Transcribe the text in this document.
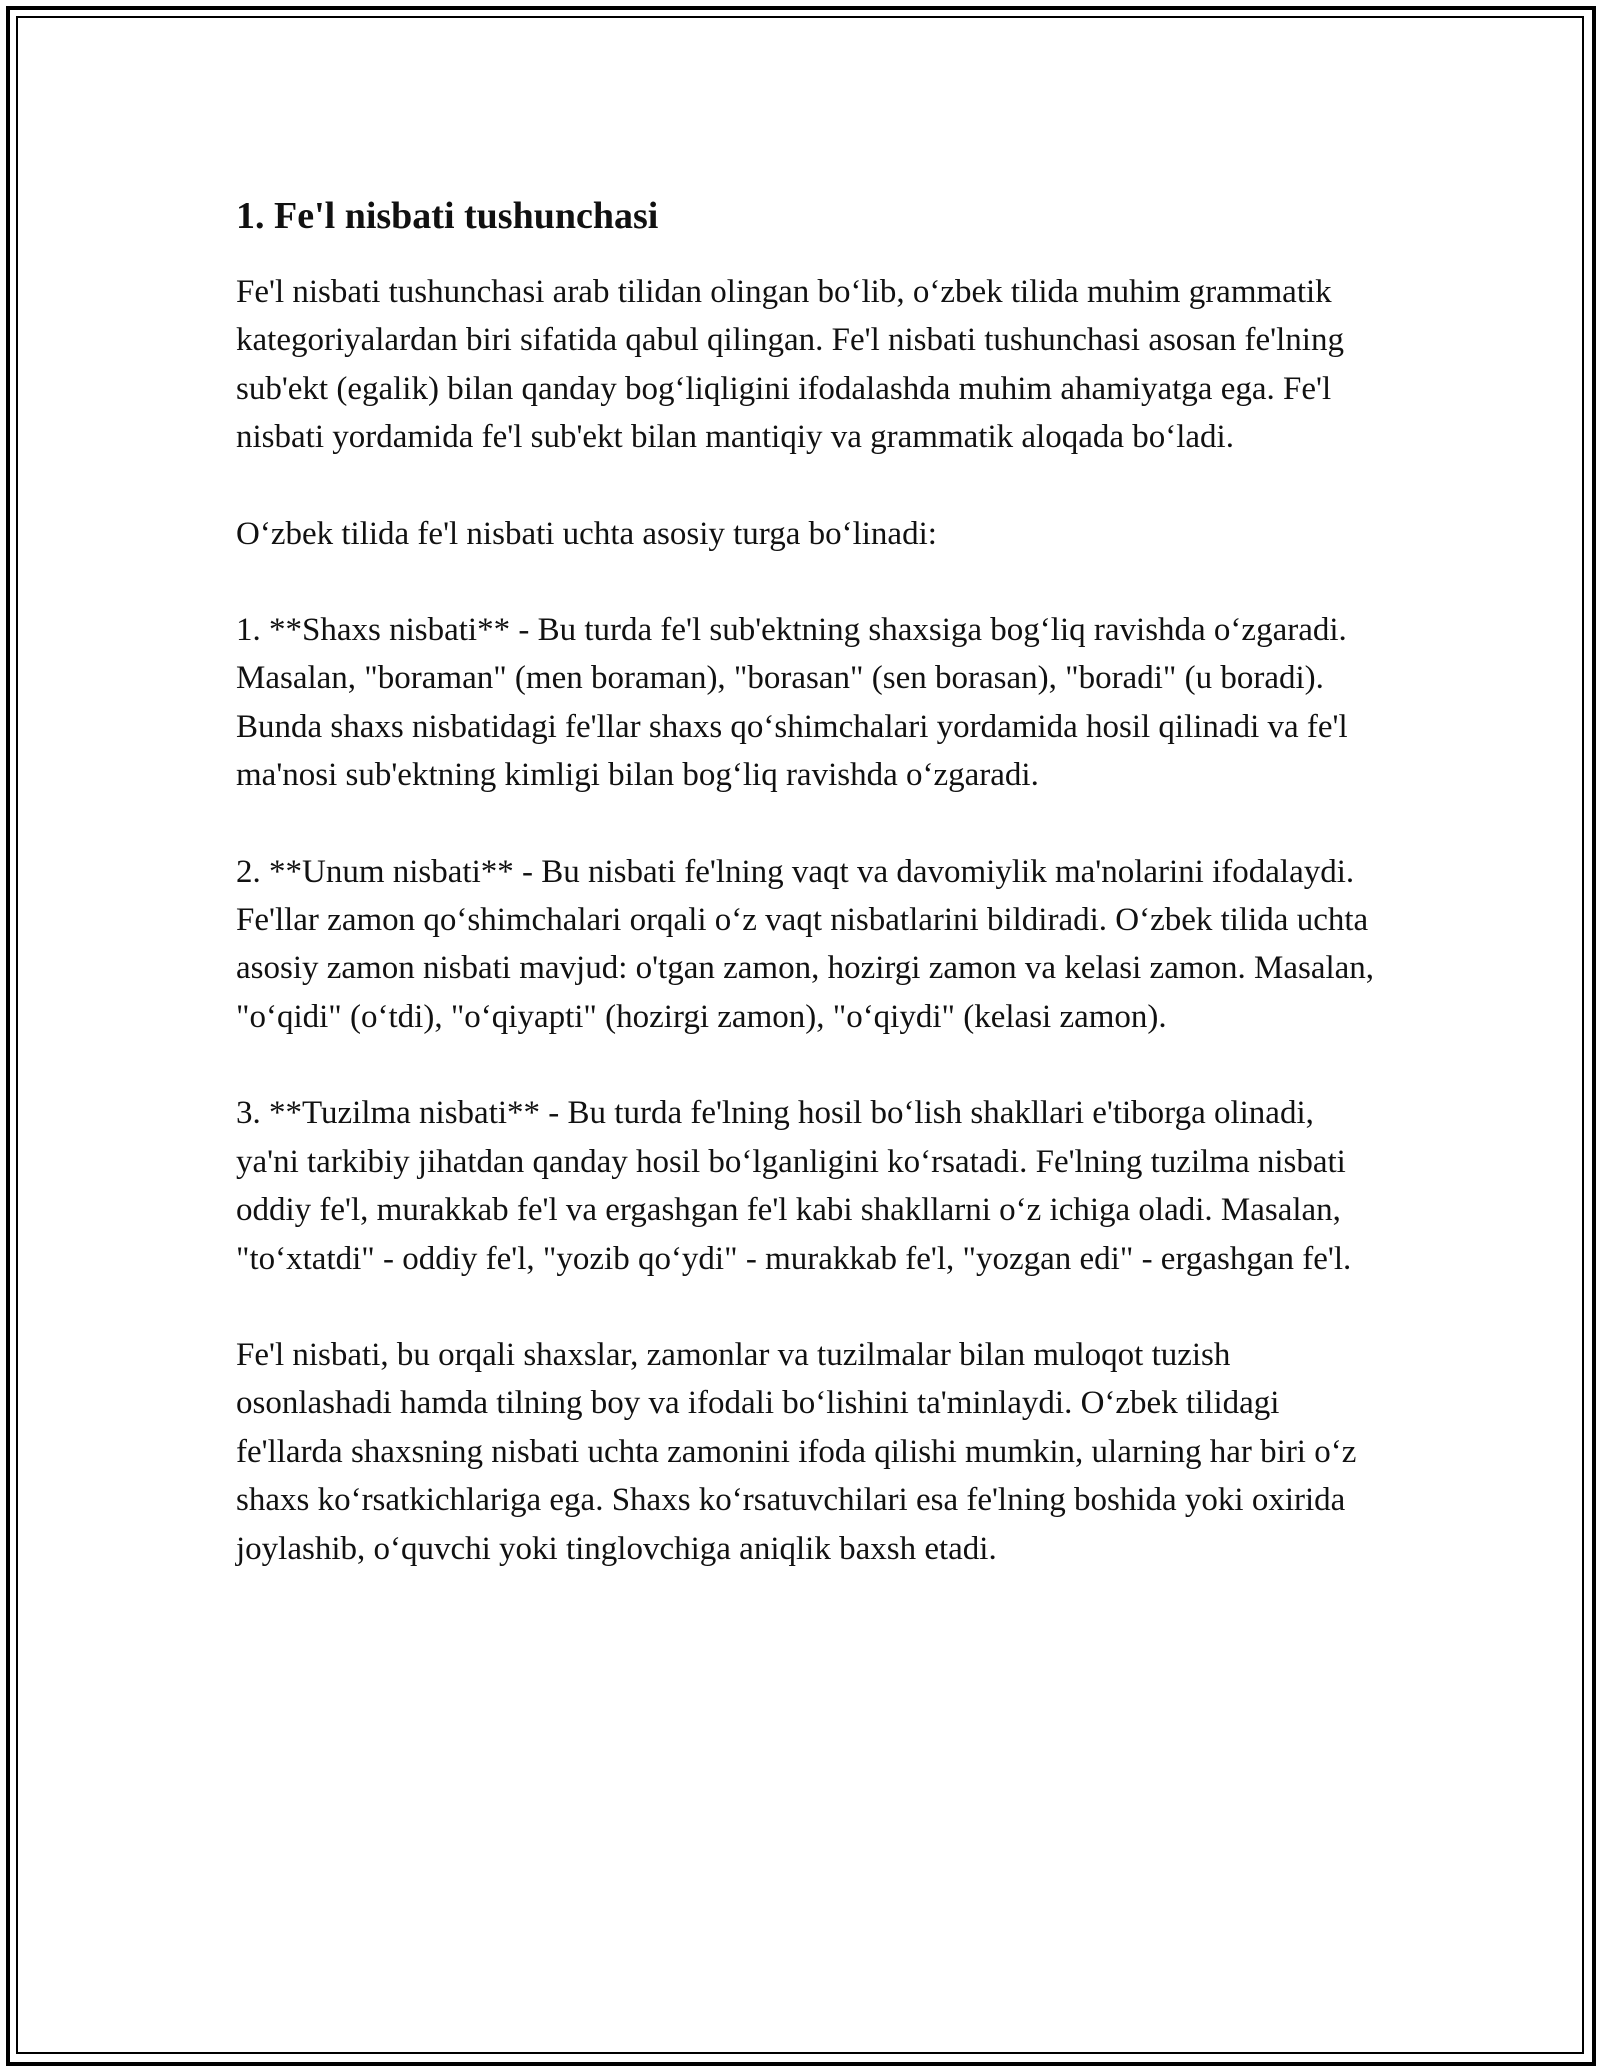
1. Fe'l nisbati tushunchasi

Fe'l nisbati tushunchasi arab tilidan olingan bo‘lib, o‘zbek tilida muhim grammatik kategoriyalardan biri sifatida qabul qilingan. Fe'l nisbati tushunchasi asosan fe'lning sub'ekt (egalik) bilan qanday bog‘liqligini ifodalashda muhim ahamiyatga ega. Fe'l nisbati yordamida fe'l sub'ekt bilan mantiqiy va grammatik aloqada bo‘ladi.

O‘zbek tilida fe'l nisbati uchta asosiy turga bo‘linadi:

1. **Shaxs nisbati** - Bu turda fe'l sub'ektning shaxsiga bog‘liq ravishda o‘zgaradi. Masalan, "boraman" (men boraman), "borasan" (sen borasan), "boradi" (u boradi). Bunda shaxs nisbatidagi fe'llar shaxs qo‘shimchalari yordamida hosil qilinadi va fe'l ma'nosi sub'ektning kimligi bilan bog‘liq ravishda o‘zgaradi.

2. **Unum nisbati** - Bu nisbati fe'lning vaqt va davomiylik ma'nolarini ifodalaydi. Fe'llar zamon qo‘shimchalari orqali o‘z vaqt nisbatlarini bildiradi. O‘zbek tilida uchta asosiy zamon nisbati mavjud: o'tgan zamon, hozirgi zamon va kelasi zamon. Masalan, "o‘qidi" (o‘tdi), "o‘qiyapti" (hozirgi zamon), "o‘qiydi" (kelasi zamon).

3. **Tuzilma nisbati** - Bu turda fe'lning hosil bo‘lish shakllari e'tiborga olinadi, ya'ni tarkibiy jihatdan qanday hosil bo‘lganligini ko‘rsatadi. Fe'lning tuzilma nisbati oddiy fe'l, murakkab fe'l va ergashgan fe'l kabi shakllarni o‘z ichiga oladi. Masalan, "to‘xtatdi" - oddiy fe'l, "yozib qo‘ydi" - murakkab fe'l, "yozgan edi" - ergashgan fe'l.

Fe'l nisbati, bu orqali shaxslar, zamonlar va tuzilmalar bilan muloqot tuzish osonlashadi hamda tilning boy va ifodali bo‘lishini ta'minlaydi. O‘zbek tilidagi fe'llarda shaxsning nisbati uchta zamonini ifoda qilishi mumkin, ularning har biri o‘z shaxs ko‘rsatkichlariga ega. Shaxs ko‘rsatuvchilari esa fe'lning boshida yoki oxirida joylashib, o‘quvchi yoki tinglovchiga aniqlik baxsh etadi.
